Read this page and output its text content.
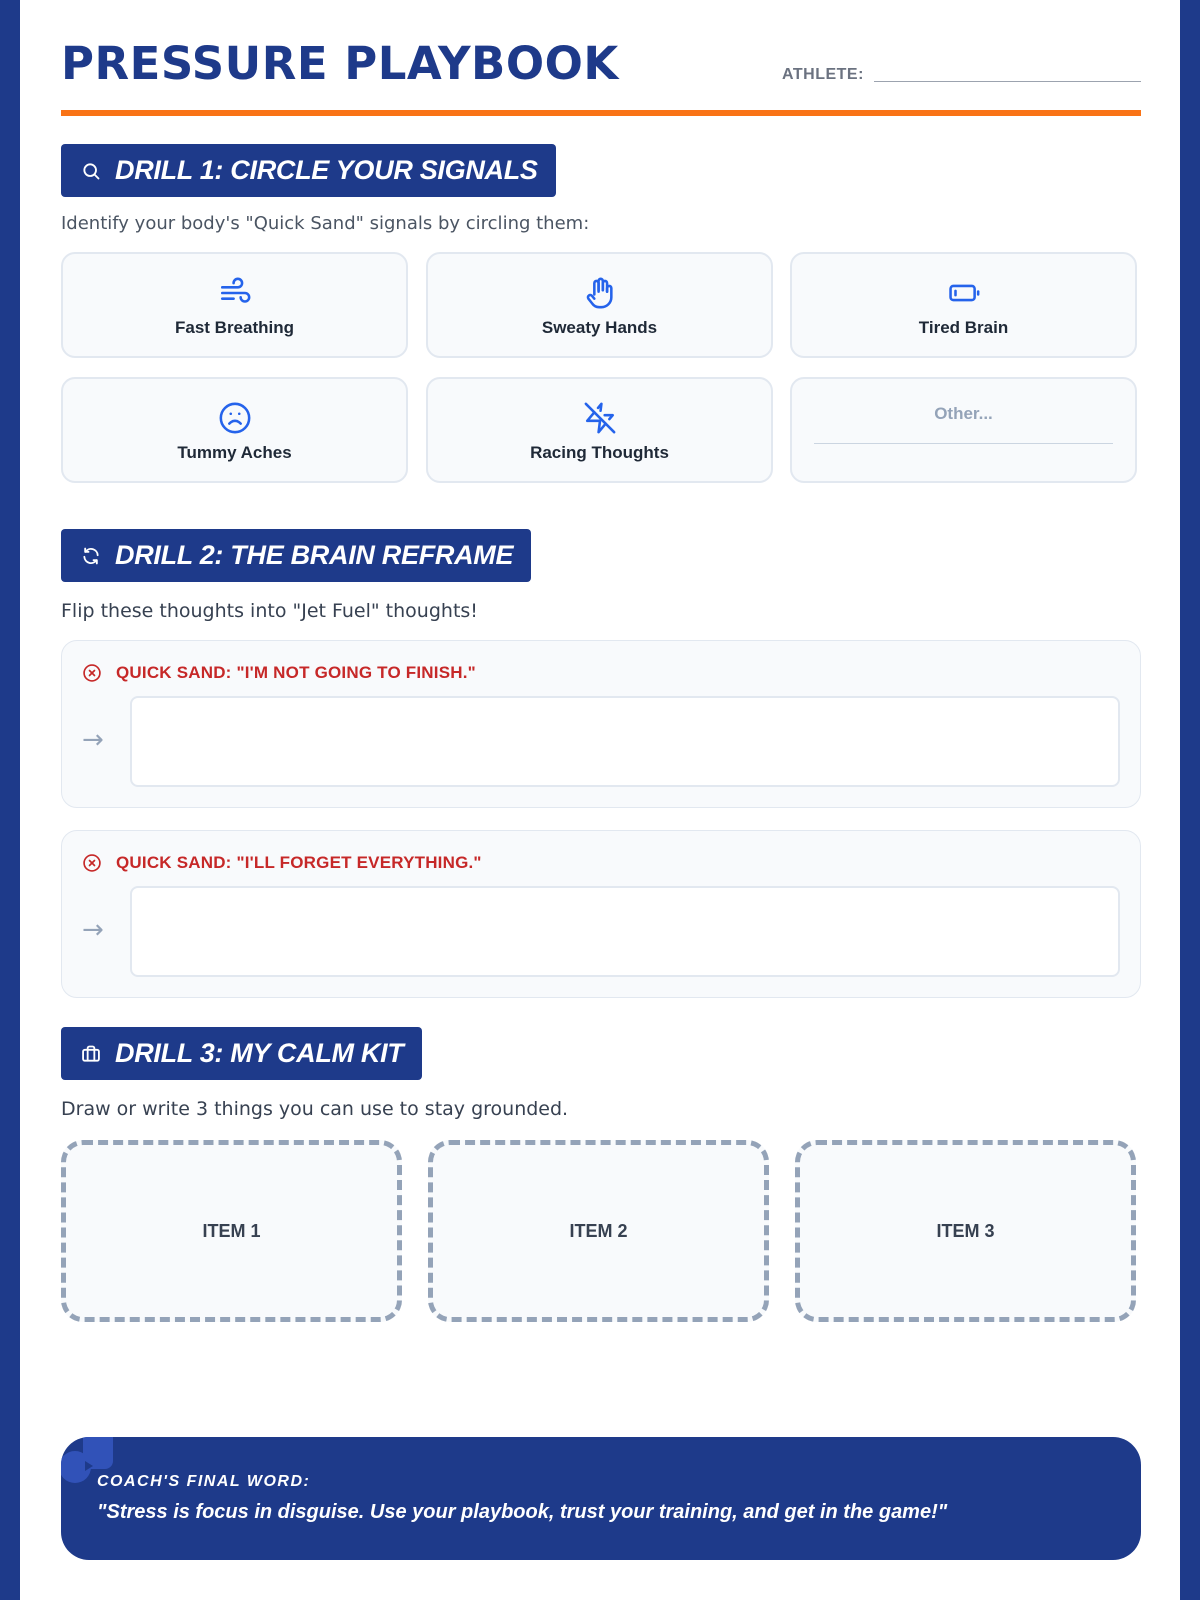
PRESSURE PLAYBOOK	ATHLETE:
DRILL 1: CIRCLE YOUR SIGNALS
Identify your body's "Quick Sand" signals by circling them:
Fast Breathing	Sweaty Hands	Tired Brain
Tummy Aches	Racing Thoughts
Other...
DRILL 2: THE BRAIN REFRAME
Flip these thoughts into "Jet Fuel" thoughts!
QUICK SAND: "I'M NOT GOING TO FINISH."
→
QUICK SAND: "I'LL FORGET EVERYTHING."
→
DRILL 3: MY CALM KIT
Draw or write 3 things you can use to stay grounded.
ITEM 1	ITEM 2	ITEM 3
COACH'S FINAL WORD:
"Stress is focus in disguise. Use your playbook, trust your training, and get in the game!"
